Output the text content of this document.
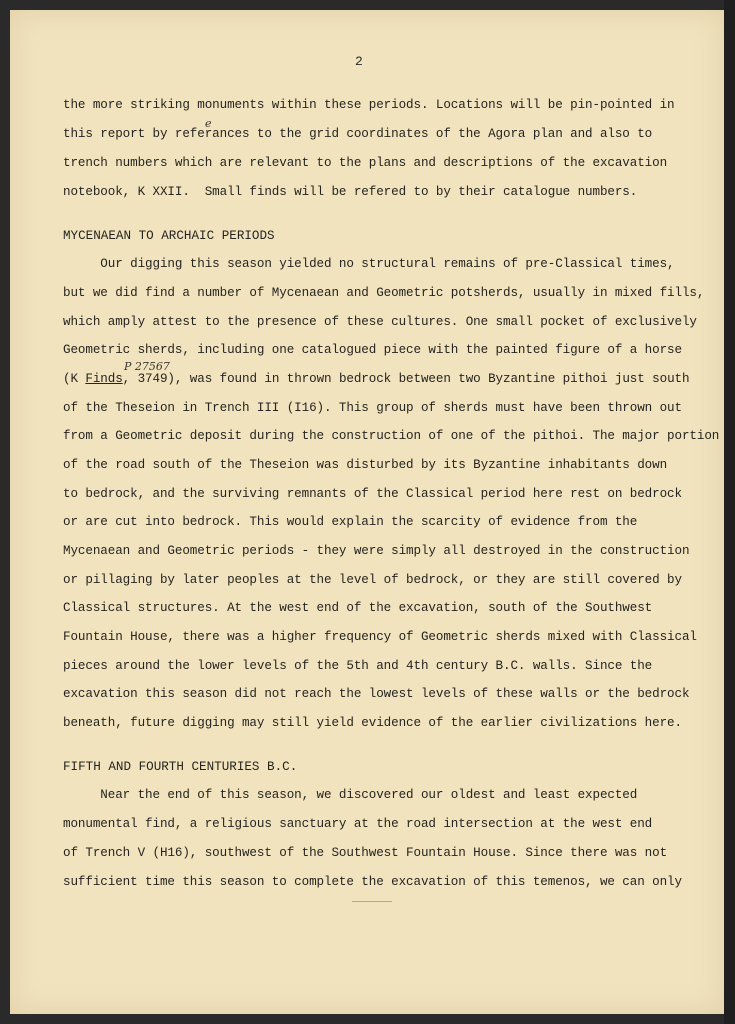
2
the more striking monuments within these periods. Locations will be pin-pointed in
e
this report by referances to the grid coordinates of the Agora plan and also to
trench numbers which are relevant to the plans and descriptions of the excavation
notebook, K XXII.  Small finds will be refered to by their catalogue numbers.
MYCENAEAN TO ARCHAIC PERIODS
Our digging this season yielded no structural remains of pre-Classical times,
but we did find a number of Mycenaean and Geometric potsherds, usually in mixed fills,
which amply attest to the presence of these cultures. One small pocket of exclusively
Geometric sherds, including one catalogued piece with the painted figure of a horse
P 27567
(K Finds, 3749), was found in thrown bedrock between two Byzantine pithoi just south
of the Theseion in Trench III (I16). This group of sherds must have been thrown out
from a Geometric deposit during the construction of one of the pithoi. The major portion
of the road south of the Theseion was disturbed by its Byzantine inhabitants down
to bedrock, and the surviving remnants of the Classical period here rest on bedrock
or are cut into bedrock. This would explain the scarcity of evidence from the
Mycenaean and Geometric periods - they were simply all destroyed in the construction
or pillaging by later peoples at the level of bedrock, or they are still covered by
Classical structures. At the west end of the excavation, south of the Southwest
Fountain House, there was a higher frequency of Geometric sherds mixed with Classical
pieces around the lower levels of the 5th and 4th century B.C. walls. Since the
excavation this season did not reach the lowest levels of these walls or the bedrock
beneath, future digging may still yield evidence of the earlier civilizations here.
FIFTH AND FOURTH CENTURIES B.C.
Near the end of this season, we discovered our oldest and least expected
monumental find, a religious sanctuary at the road intersection at the west end
of Trench V (H16), southwest of the Southwest Fountain House. Since there was not
sufficient time this season to complete the excavation of this temenos, we can only
